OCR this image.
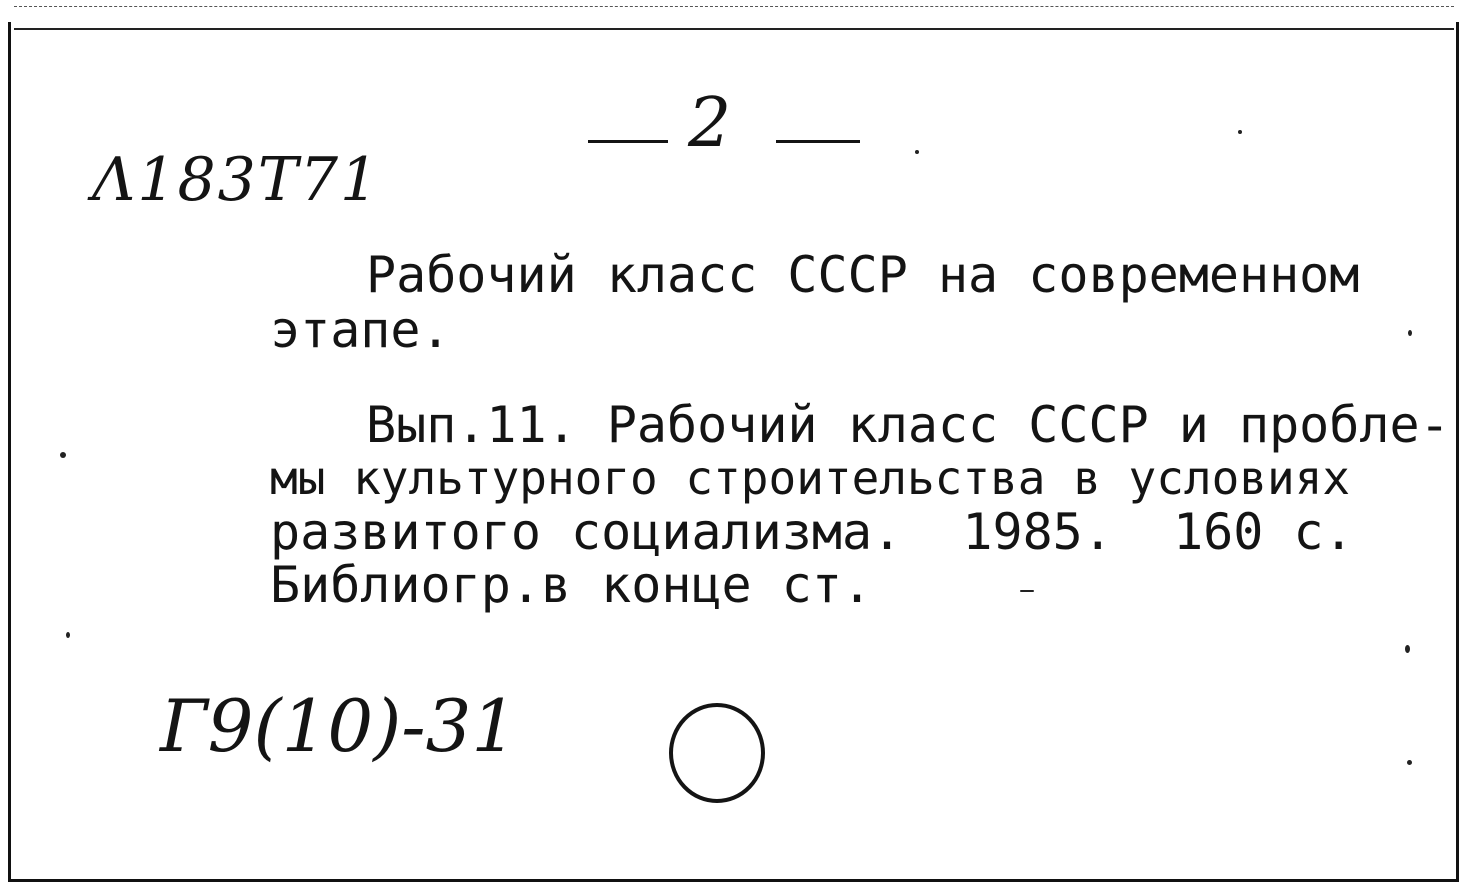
2
Λ183Τ71
Рабочий класс СССР на современном
этапе.
Вып.11. Рабочий класс СССР и пробле-
мы культурного строительства в условиях
развитого социализма.  1985.  160 с.
Библиогр.в конце ст.
Г9(10)-31
